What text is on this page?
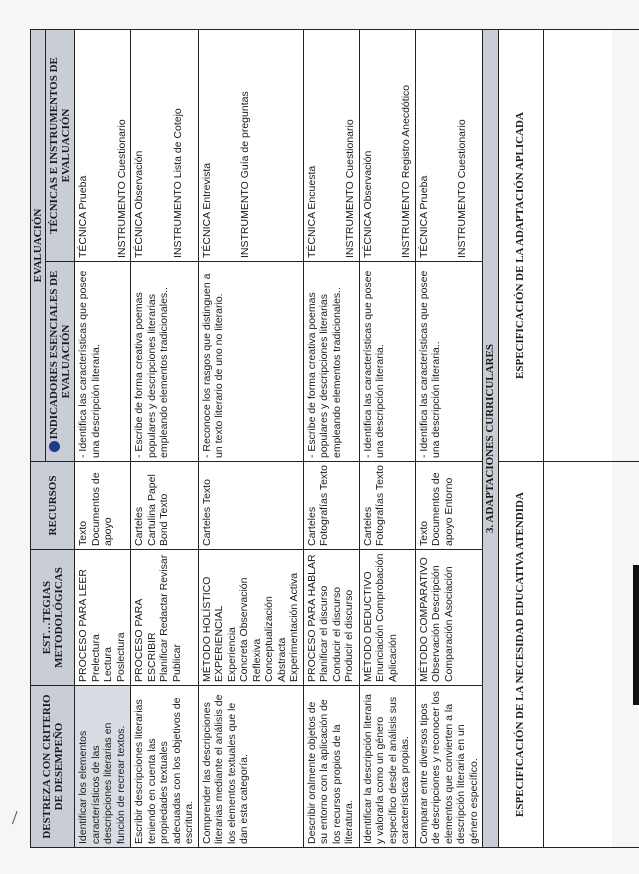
DESTREZA CON CRITERIO DE DESEMPEÑO	EST…TEGIAS METODOLÓGICAS	RECURSOS	EVALUACIÓN	
			INDICADORES ESENCIALES DE EVALUACIÓN	TÉCNICAS E INSTRUMENTOS DE EVALUACIÓN
Identificar los elementos característicos de las descripciones literarias en función de recrear textos.	PROCESO PARA LEER Prelectura Lectura Poslectura	Texto Documentos de apoyo	- Identifica las características que posee una descripción literaria.	TÉCNICA Prueba INSTRUMENTO Cuestionario

Escribir descripciones literarias teniendo en cuenta las propiedades textuales adecuadas con los objetivos de escritura.	PROCESO PARA ESCRIBIR Planificar Redactar Revisar Publicar	Carteles Cartulina Papel Bond Texto	- Escribe de forma creativa poemas populares y descripciones literarias empleando elementos tradicionales..	TÉCNICA Observación INSTRUMENTO Lista de Cotejo

Comprender las descripciones literarias mediante el análisis de los elementos textuales que le dan esta categoría.	MÉTODO HOLÍSTICO EXPERIENCIAL Experiencia Concreta Observación Reflexiva Conceptualización Abstracta Experimentación Activa	Carteles Texto	- Reconoce los rasgos que distinguen a un texto literario de uno no literario.	TÉCNICA Entrevista INSTRUMENTO Guía de preguntas

Describir oralmente objetos de su entorno con la aplicación de los recursos propios de la literatura.	PROCESO PARA HABLAR Planificar el discurso Conducir el discurso Producir el discurso	Carteles Fotografías Texto	- Escribe de forma creativa poemas populares y descripciones literarias empleando elementos tradicionales..	TÉCNICA Encuesta INSTRUMENTO Cuestionario

Identificar la descripción literaria y valorarla como un género específico desde el análisis sus características propias.	MÉTODO DEDUCTIVO Enunciación Comprobación Aplicación	Carteles Fotografías Texto	- Identifica las características que posee una descripción literaria.	TÉCNICA Observación INSTRUMENTO Registro Anecdótico

Comparar entre diversos tipos de descripciones y reconocer los elementos que convierten a la descripción literaria en un género específico.	MÉTODO COMPARATIVO Observación Descripción Comparación Asociación	Texto Documentos de apoyo Entorno	- Identifica las características que posee una descripción literaria..	TÉCNICA Prueba INSTRUMENTO Cuestionario

3. ADAPTACIONES CURRICULARES				
ESPECIFICACIÓN DE LA NECESIDAD EDUCATIVA ATENDIDA			ESPECIFICACIÓN DE LA ADAPTACIÓN APLICADA	
